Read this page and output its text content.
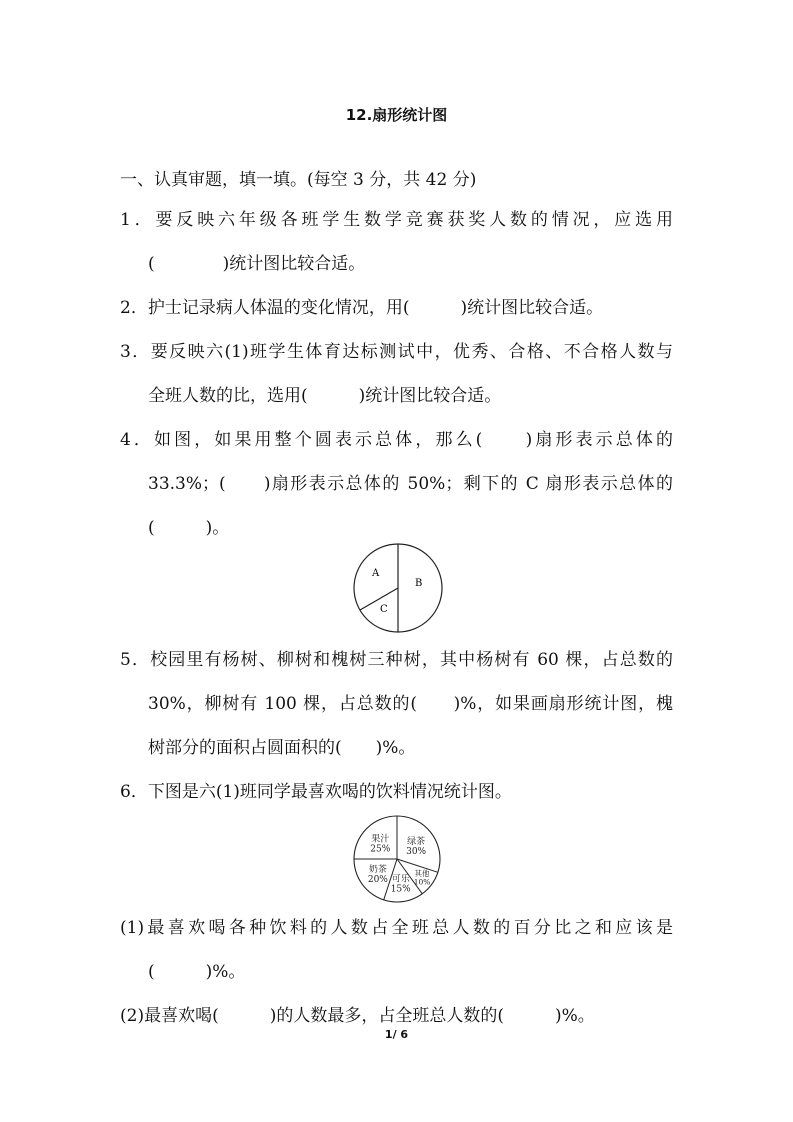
12.扇形统计图
一、认真审题，填一填。(每空 3 分，共 42 分)
1．要反映六年级各班学生数学竞赛获奖人数的情况，应选用
(　　　　)统计图比较合适。
2．护士记录病人体温的变化情况，用(　　　)统计图比较合适。
3．要反映六(1)班学生体育达标测试中，优秀、合格、不合格人数与
全班人数的比，选用(　　　)统计图比较合适。
4．如图，如果用整个圆表示总体，那么(　　)扇形表示总体的
33.3%；(　　)扇形表示总体的 50%；剩下的 C 扇形表示总体的
(　　　)。
A
B
C
5．校园里有杨树、柳树和槐树三种树，其中杨树有 60 棵，占总数的
30%，柳树有 100 棵，占总数的(　　)%，如果画扇形统计图，槐
树部分的面积占圆面积的(　　)%。
6．下图是六(1)班同学最喜欢喝的饮料情况统计图。
绿茶
30%
其他
10%
可乐
15%
奶茶
20%
果汁
25%
(1)最喜欢喝各种饮料的人数占全班总人数的百分比之和应该是
(　　　)%。
(2)最喜欢喝(　　　)的人数最多，占全班总人数的(　　　)%。
1/ 6
